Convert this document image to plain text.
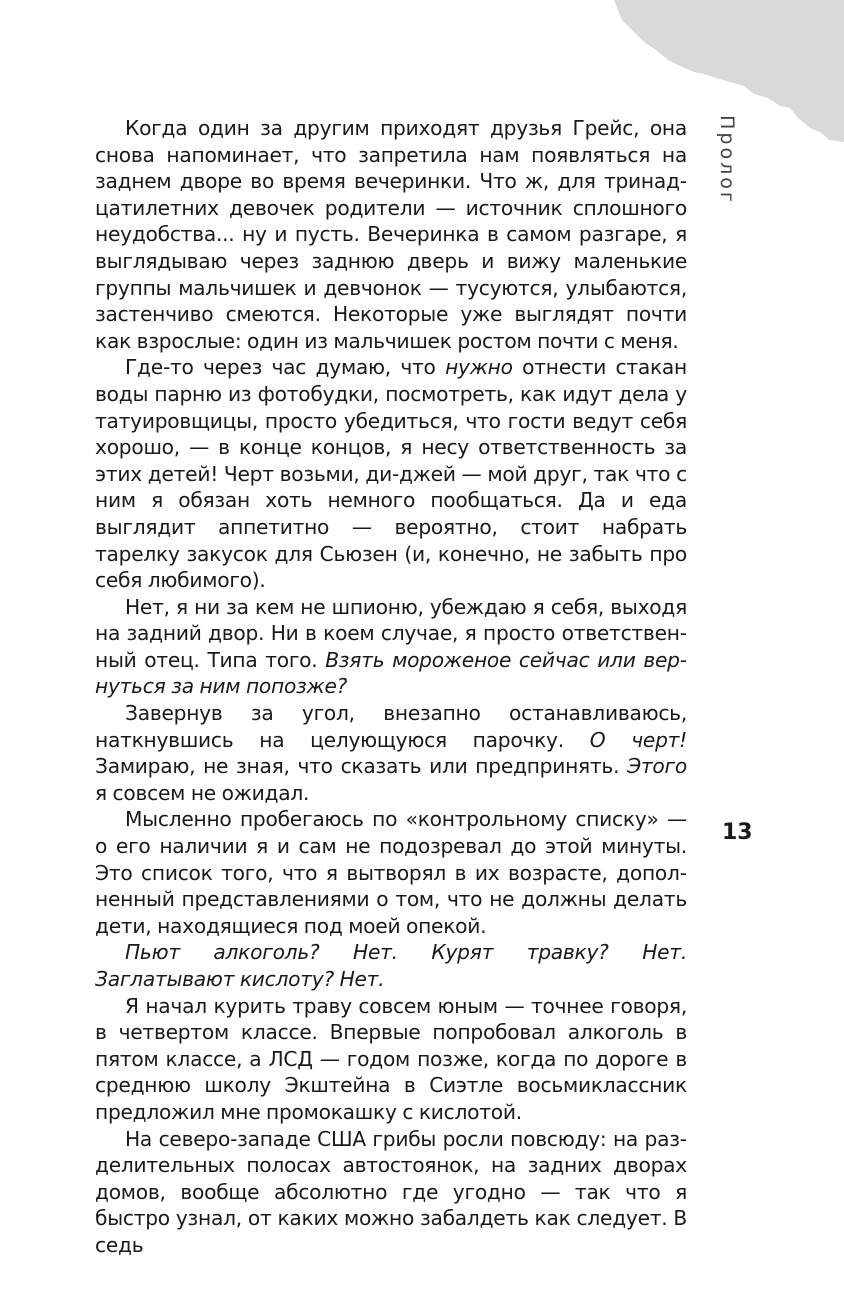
Пролог
13

Когда один за другим приходят друзья Грейс, она снова напоминает, что запретила нам появляться на заднем дворе во время вечеринки. Что ж, для тринадцатилетних девочек родители — источник сплошного неудобства... ну и пусть. Вечеринка в самом разгаре, я выглядываю через заднюю дверь и вижу маленькие группы мальчишек и девчонок — тусуются, улыбаются, застенчиво смеются. Некоторые уже выглядят почти как взрослые: один из мальчишек ростом почти с меня.

Где-то через час думаю, что нужно отнести стакан воды парню из фотобудки, посмотреть, как идут дела у татуировщицы, просто убедиться, что гости ведут себя хорошо, — в конце концов, я несу ответственность за этих детей! Черт возьми, ди-джей — мой друг, так что с ним я обязан хоть немного пообщаться. Да и еда выглядит аппетитно — вероятно, стоит набрать тарелку закусок для Сьюзен (и, конечно, не забыть про себя любимого).

Нет, я ни за кем не шпионю, убеждаю я себя, выходя на задний двор. Ни в коем случае, я просто ответственный отец. Типа того. Взять мороженое сейчас или вернуться за ним попозже?

Завернув за угол, внезапно останавливаюсь, наткнувшись на целующуюся парочку. О черт! Замираю, не зная, что сказать или предпринять. Этого я совсем не ожидал.

Мысленно пробегаюсь по «контрольному списку» — о его наличии я и сам не подозревал до этой минуты. Это список того, что я вытворял в их возрасте, дополненный представлениями о том, что не должны делать дети, находящиеся под моей опекой.

Пьют алкоголь? Нет. Курят травку? Нет. Заглатывают кислоту? Нет.

Я начал курить траву совсем юным — точнее говоря, в четвертом классе. Впервые попробовал алкоголь в пятом классе, а ЛСД — годом позже, когда по дороге в среднюю школу Экштейна в Сиэтле восьмиклассник предложил мне промокашку с кислотой.

На северо-западе США грибы росли повсюду: на разделительных полосах автостоянок, на задних дворах домов, вообще абсолютно где угодно — так что я быстро узнал, от каких можно забалдеть как следует. В седь
